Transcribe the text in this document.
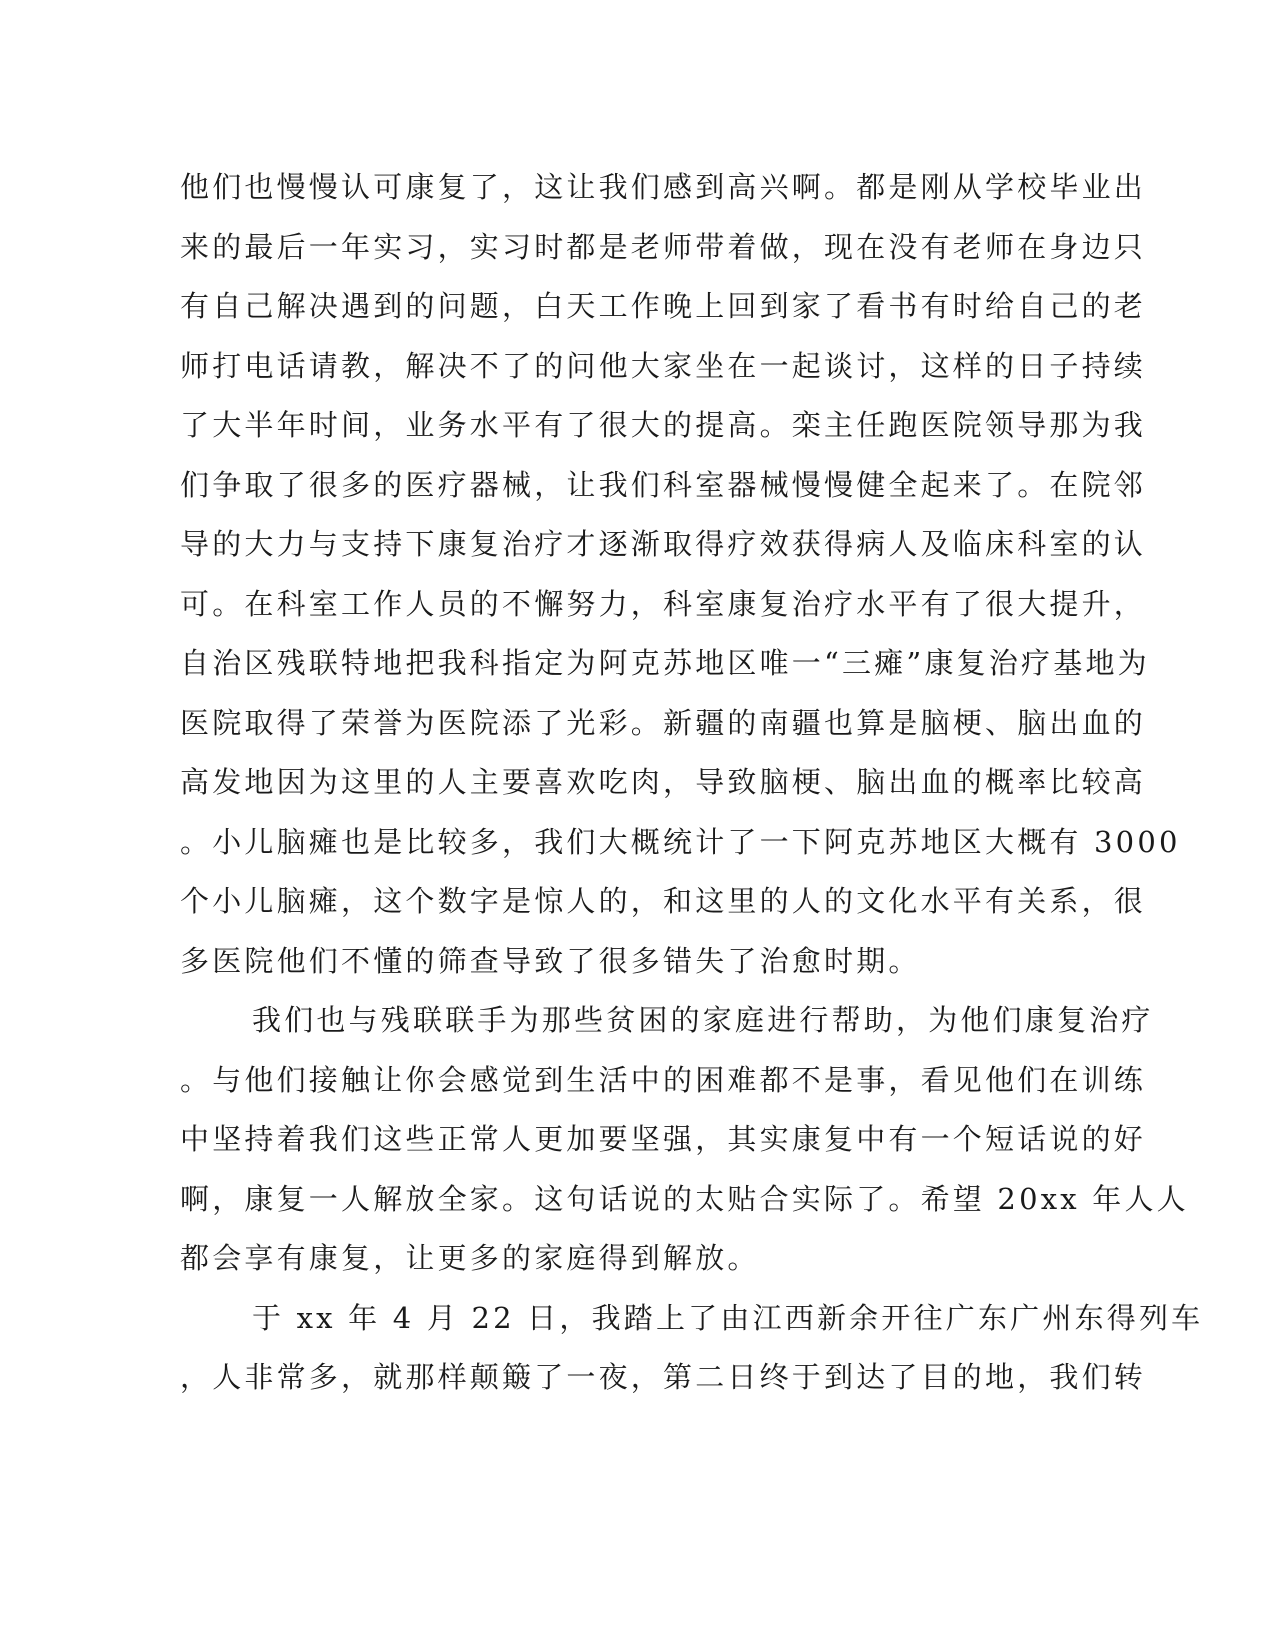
他们也慢慢认可康复了，这让我们感到高兴啊。都是刚从学校毕业出
来的最后一年实习，实习时都是老师带着做，现在没有老师在身边只
有自己解决遇到的问题，白天工作晚上回到家了看书有时给自己的老
师打电话请教，解决不了的问他大家坐在一起谈讨，这样的日子持续
了大半年时间，业务水平有了很大的提高。栾主任跑医院领导那为我
们争取了很多的医疗器械，让我们科室器械慢慢健全起来了。在院邻
导的大力与支持下康复治疗才逐渐取得疗效获得病人及临床科室的认
可。在科室工作人员的不懈努力，科室康复治疗水平有了很大提升，
自治区残联特地把我科指定为阿克苏地区唯一“三瘫”康复治疗基地为
医院取得了荣誉为医院添了光彩。新疆的南疆也算是脑梗、脑出血的
高发地因为这里的人主要喜欢吃肉，导致脑梗、脑出血的概率比较高
。小儿脑瘫也是比较多，我们大概统计了一下阿克苏地区大概有 3000
个小儿脑瘫，这个数字是惊人的，和这里的人的文化水平有关系，很
多医院他们不懂的筛查导致了很多错失了治愈时期。
我们也与残联联手为那些贫困的家庭进行帮助，为他们康复治疗
。与他们接触让你会感觉到生活中的困难都不是事，看见他们在训练
中坚持着我们这些正常人更加要坚强，其实康复中有一个短话说的好
啊，康复一人解放全家。这句话说的太贴合实际了。希望 20xx 年人人
都会享有康复，让更多的家庭得到解放。
于 xx 年 4 月 22 日，我踏上了由江西新余开往广东广州东得列车
，人非常多，就那样颠簸了一夜，第二日终于到达了目的地，我们转
